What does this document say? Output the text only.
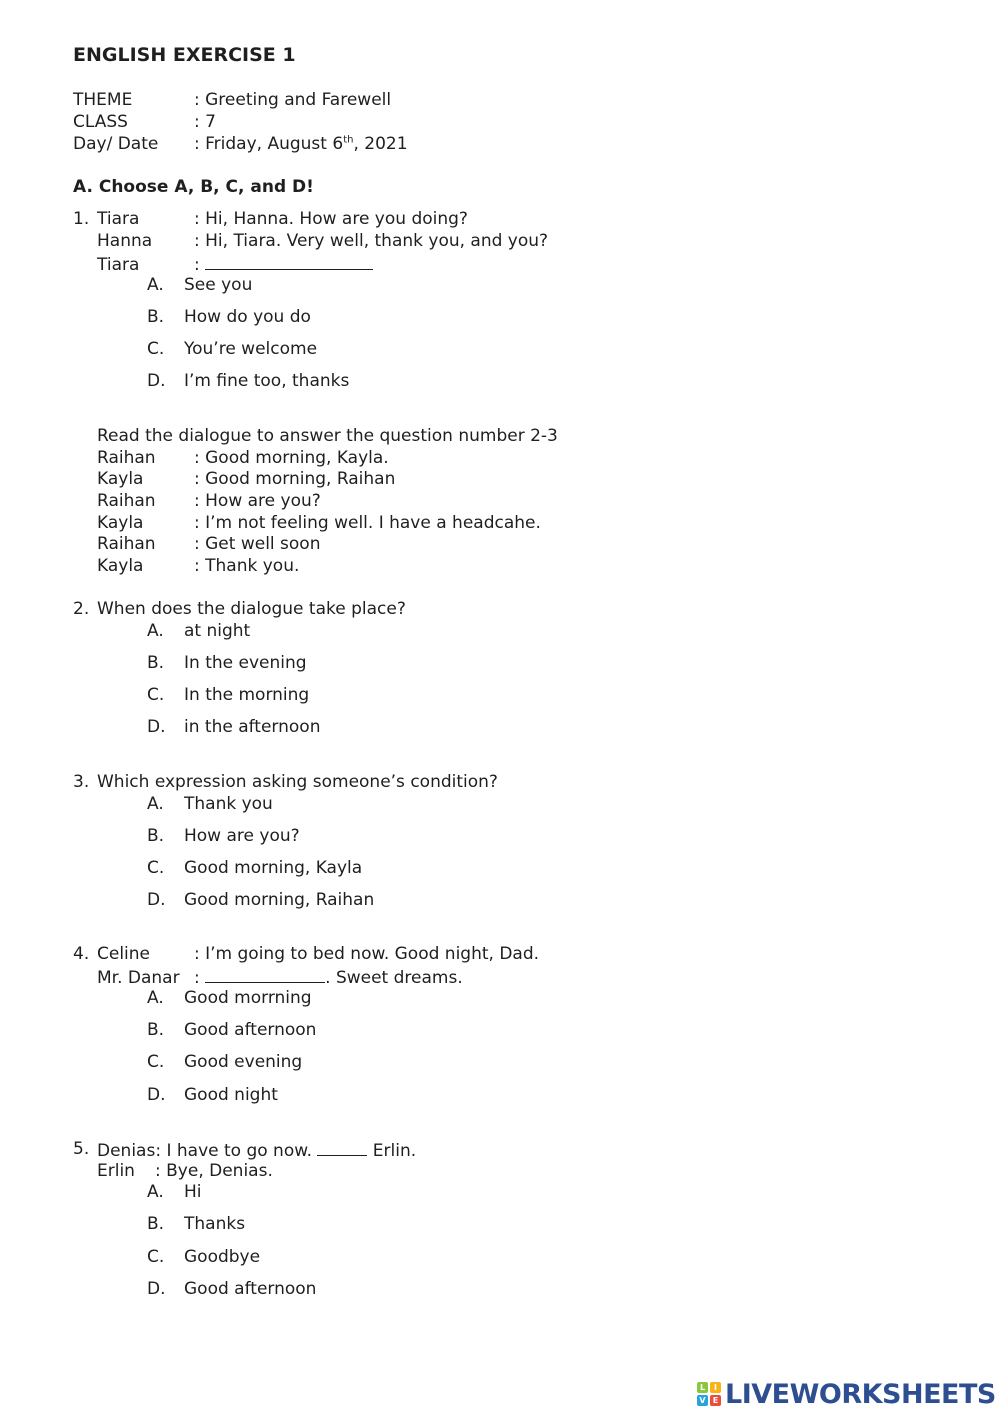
ENGLISH EXERCISE 1
THEME	: Greeting and Farewell
CLASS	: 7
Day/ Date : Friday, August 6th, 2021
A. Choose A, B, C, and D!
1. Tiara	: Hi, Hanna. How are you doing?
Hanna : Hi, Tiara. Very well, thank you, and you?
Tiara	:
A. See you
B. How do you do
C. You’re welcome
D. I’m fine too, thanks
Read the dialogue to answer the question number 2-3
Raihan : Good morning, Kayla.
Kayla	: Good morning, Raihan
Raihan : How are you?
Kayla	: I’m not feeling well. I have a headcahe.
Raihan : Get well soon
Kayla	: Thank you.
2. When does the dialogue take place?
A. at night
B. In the evening
C. In the morning
D. in the afternoon
3. Which expression asking someone’s condition?
A. Thank you
B. How are you?
C. Good morning, Kayla
D. Good morning, Raihan
4. Celine	: I’m going to bed now. Good night, Dad.
Mr. Danar :	. Sweet dreams.
A. Good morrning
B. Good afternoon
C. Good evening
D. Good night
5. Denias: I have to go now.	Erlin.
Erlin : Bye, Denias.
A. Hi
B. Thanks
C. Goodbye
D. Good afternoon
L	I
V E LIVEWORKSHEETS
